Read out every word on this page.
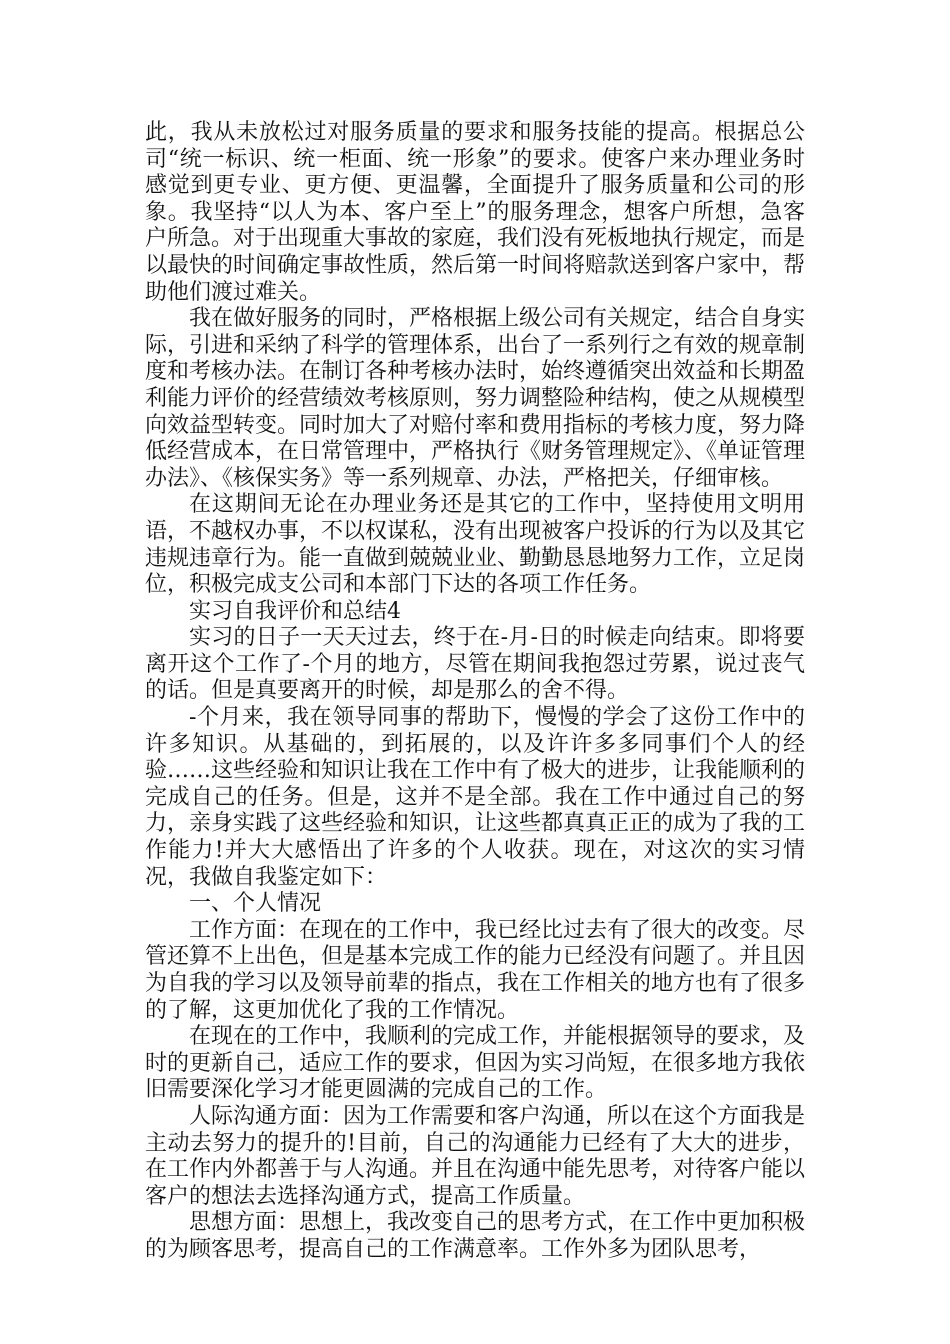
此，我从未放松过对服务质量的要求和服务技能的提高。根据总公司“统一标识、统一柜面、统一形象”的要求。使客户来办理业务时感觉到更专业、更方便、更温馨，全面提升了服务质量和公司的形象。我坚持“以人为本、客户至上”的服务理念，想客户所想，急客户所急。对于出现重大事故的家庭，我们没有死板地执行规定，而是以最快的时间确定事故性质，然后第一时间将赔款送到客户家中，帮助他们渡过难关。

我在做好服务的同时，严格根据上级公司有关规定，结合自身实际，引进和采纳了科学的管理体系，出台了一系列行之有效的规章制度和考核办法。在制订各种考核办法时，始终遵循突出效益和长期盈利能力评价的经营绩效考核原则，努力调整险种结构，使之从规模型向效益型转变。同时加大了对赔付率和费用指标的考核力度，努力降低经营成本，在日常管理中，严格执行《财务管理规定》、《单证管理办法》、《核保实务》等一系列规章、办法，严格把关，仔细审核。

在这期间无论在办理业务还是其它的工作中，坚持使用文明用语，不越权办事，不以权谋私，没有出现被客户投诉的行为以及其它违规违章行为。能一直做到兢兢业业、勤勤恳恳地努力工作，立足岗位，积极完成支公司和本部门下达的各项工作任务。

实习自我评价和总结4

实习的日子一天天过去，终于在-月-日的时候走向结束。即将要离开这个工作了-个月的地方，尽管在期间我抱怨过劳累，说过丧气的话。但是真要离开的时候，却是那么的舍不得。

-个月来，我在领导同事的帮助下，慢慢的学会了这份工作中的许多知识。从基础的，到拓展的，以及许许多多同事们个人的经验……这些经验和知识让我在工作中有了极大的进步，让我能顺利的完成自己的任务。但是，这并不是全部。我在工作中通过自己的努力，亲身实践了这些经验和知识，让这些都真真正正的成为了我的工作能力!并大大感悟出了许多的个人收获。现在，对这次的实习情况，我做自我鉴定如下：

一、个人情况

工作方面：在现在的工作中，我已经比过去有了很大的改变。尽管还算不上出色，但是基本完成工作的能力已经没有问题了。并且因为自我的学习以及领导前辈的指点，我在工作相关的地方也有了很多的了解，这更加优化了我的工作情况。

在现在的工作中，我顺利的完成工作，并能根据领导的要求，及时的更新自己，适应工作的要求，但因为实习尚短，在很多地方我依旧需要深化学习才能更圆满的完成自己的工作。

人际沟通方面：因为工作需要和客户沟通，所以在这个方面我是主动去努力的提升的!目前，自己的沟通能力已经有了大大的进步，在工作内外都善于与人沟通。并且在沟通中能先思考，对待客户能以客户的想法去选择沟通方式，提高工作质量。

思想方面：思想上，我改变自己的思考方式，在工作中更加积极的为顾客思考，提高自己的工作满意率。工作外多为团队思考，
